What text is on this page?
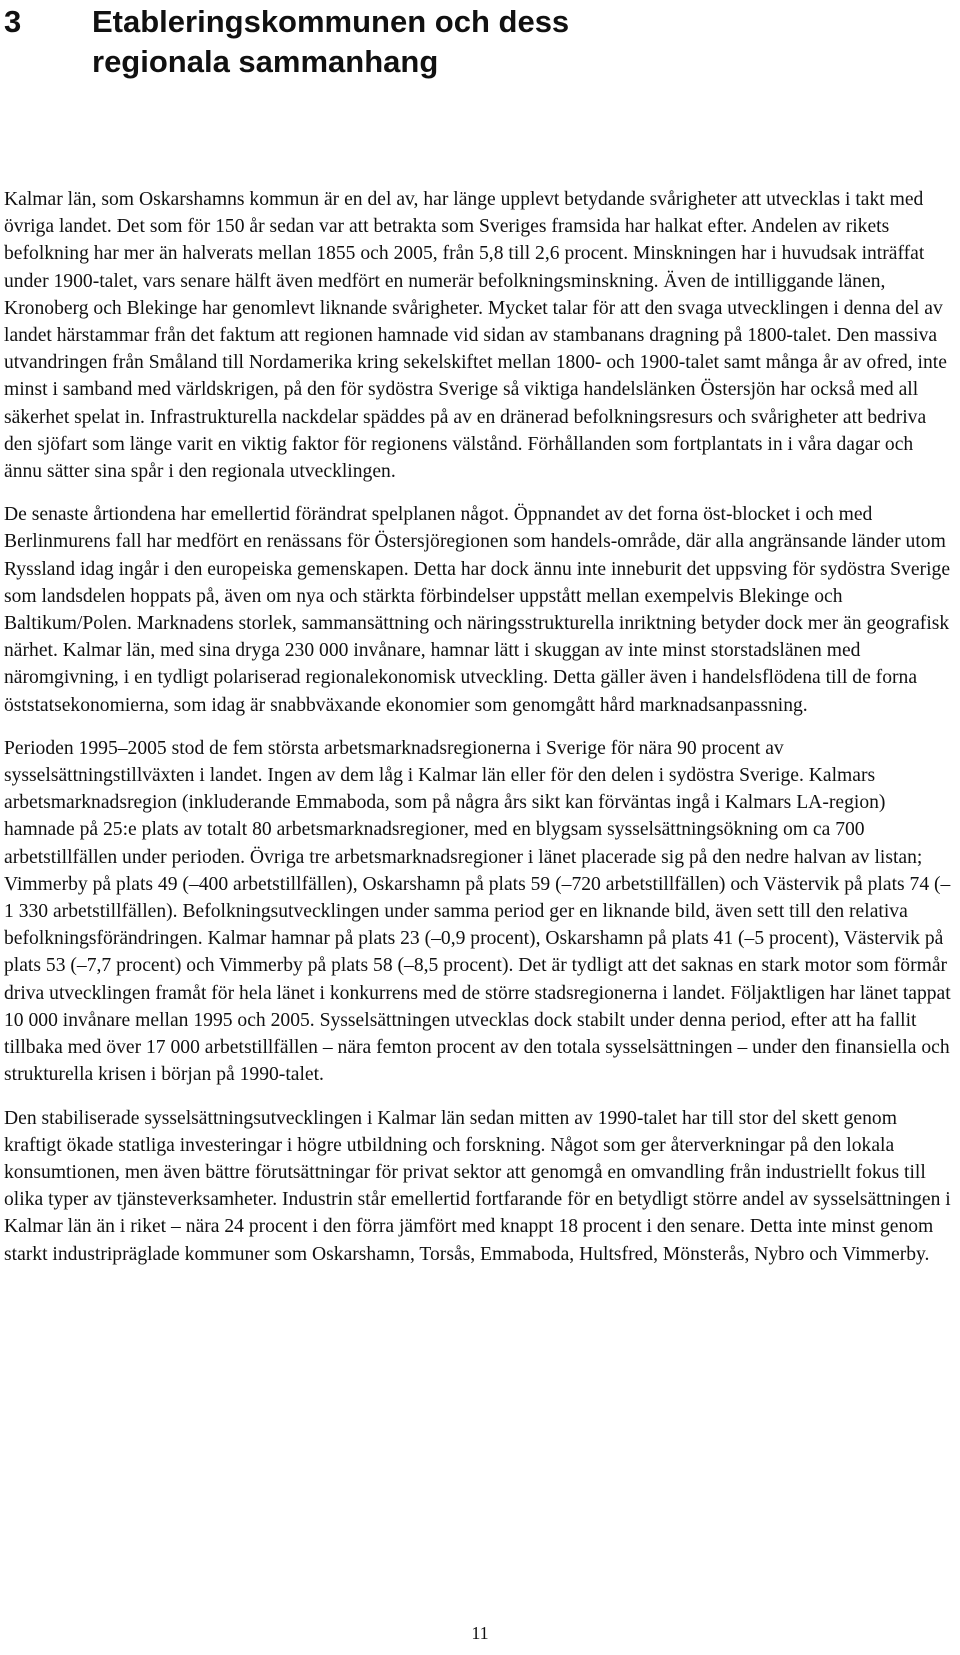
3	Etableringskommunen och dess
regionala sammanhang

Kalmar län, som Oskarshamns kommun är en del av, har länge upplevt betydande svårigheter att utvecklas i takt med övriga landet. Det som för 150 år sedan var att betrakta som Sveriges framsida har halkat efter. Andelen av rikets befolkning har mer än halverats mellan 1855 och 2005, från 5,8 till 2,6 procent. Minskningen har i huvudsak inträffat under 1900-talet, vars senare hälft även medfört en numerär befolkningsminskning. Även de intilliggande länen, Kronoberg och Blekinge har genomlevt liknande svårigheter. Mycket talar för att den svaga utvecklingen i denna del av landet härstammar från det faktum att regionen hamnade vid sidan av stambanans dragning på 1800-talet. Den massiva utvandringen från Småland till Nordamerika kring sekelskiftet mellan 1800- och 1900-talet samt många år av ofred, inte minst i samband med världskrigen, på den för sydöstra Sverige så viktiga handelslänken Östersjön har också med all säkerhet spelat in. Infrastrukturella nackdelar späddes på av en dränerad befolkningsresurs och svårigheter att bedriva den sjöfart som länge varit en viktig faktor för regionens välstånd. Förhållanden som fortplantats in i våra dagar och ännu sätter sina spår i den regionala utvecklingen.

De senaste årtiondena har emellertid förändrat spelplanen något. Öppnandet av det forna öst-blocket i och med Berlinmurens fall har medfört en renässans för Östersjöregionen som handels-område, där alla angränsande länder utom Ryssland idag ingår i den europeiska gemenskapen. Detta har dock ännu inte inneburit det uppsving för sydöstra Sverige som landsdelen hoppats på, även om nya och stärkta förbindelser uppstått mellan exempelvis Blekinge och Baltikum/Polen. Marknadens storlek, sammansättning och näringsstrukturella inriktning betyder dock mer än geografisk närhet. Kalmar län, med sina dryga 230 000 invånare, hamnar lätt i skuggan av inte minst storstadslänen med näromgivning, i en tydligt polariserad regionalekonomisk utveckling. Detta gäller även i handelsflödena till de forna öststatsekonomierna, som idag är snabbväxande ekonomier som genomgått hård marknadsanpassning.

Perioden 1995–2005 stod de fem största arbetsmarknadsregionerna i Sverige för nära 90 procent av sysselsättningstillväxten i landet. Ingen av dem låg i Kalmar län eller för den delen i sydöstra Sverige. Kalmars arbetsmarknadsregion (inkluderande Emmaboda, som på några års sikt kan förväntas ingå i Kalmars LA-region) hamnade på 25:e plats av totalt 80 arbetsmarknadsregioner, med en blygsam sysselsättningsökning om ca 700 arbetstillfällen under perioden. Övriga tre arbetsmarknadsregioner i länet placerade sig på den nedre halvan av listan; Vimmerby på plats 49 (–400 arbetstillfällen), Oskarshamn på plats 59 (–720 arbetstillfällen) och Västervik på plats 74 (–1 330 arbetstillfällen). Befolkningsutvecklingen under samma period ger en liknande bild, även sett till den relativa befolkningsförändringen. Kalmar hamnar på plats 23 (–0,9 procent), Oskarshamn på plats 41 (–5 procent), Västervik på plats 53 (–7,7 procent) och Vimmerby på plats 58 (–8,5 procent). Det är tydligt att det saknas en stark motor som förmår driva utvecklingen framåt för hela länet i konkurrens med de större stadsregionerna i landet. Följaktligen har länet tappat 10 000 invånare mellan 1995 och 2005. Sysselsättningen utvecklas dock stabilt under denna period, efter att ha fallit tillbaka med över 17 000 arbetstillfällen – nära femton procent av den totala sysselsättningen – under den finansiella och strukturella krisen i början på 1990-talet.

Den stabiliserade sysselsättningsutvecklingen i Kalmar län sedan mitten av 1990-talet har till stor del skett genom kraftigt ökade statliga investeringar i högre utbildning och forskning. Något som ger återverkningar på den lokala konsumtionen, men även bättre förutsättningar för privat sektor att genomgå en omvandling från industriellt fokus till olika typer av tjänsteverksamheter. Industrin står emellertid fortfarande för en betydligt större andel av sysselsättningen i Kalmar län än i riket – nära 24 procent i den förra jämfört med knappt 18 procent i den senare. Detta inte minst genom starkt industripräglade kommuner som Oskarshamn, Torsås, Emmaboda, Hultsfred, Mönsterås, Nybro och Vimmerby.

11
